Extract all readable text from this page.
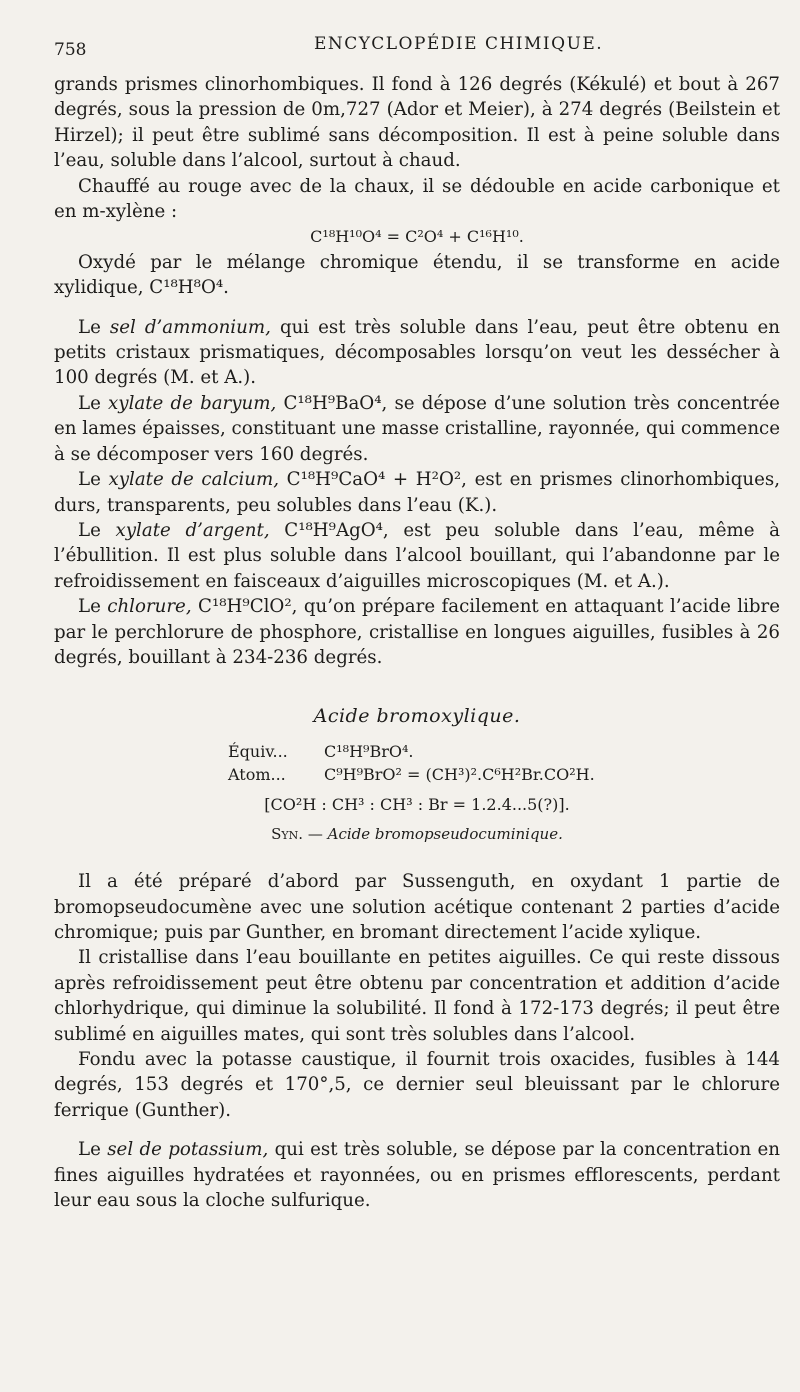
758	ENCYCLOPÉDIE CHIMIQUE.

grands prismes clinorhombiques. Il fond à 126 degrés (Kékulé) et bout à 267 degrés, sous la pression de 0m,727 (Ador et Meier), à 274 degrés (Beilstein et Hirzel); il peut être sublimé sans décomposition. Il est à peine soluble dans l’eau, soluble dans l’alcool, surtout à chaud.

Chauffé au rouge avec de la chaux, il se dédouble en acide carbonique et en m-xylène :

C¹⁸H¹⁰O⁴ = C²O⁴ + C¹⁶H¹⁰.

Oxydé par le mélange chromique étendu, il se transforme en acide xylidique, C¹⁸H⁸O⁴.

Le sel d’ammonium, qui est très soluble dans l’eau, peut être obtenu en petits cristaux prismatiques, décomposables lorsqu’on veut les dessécher à 100 degrés (M. et A.).

Le xylate de baryum, C¹⁸H⁹BaO⁴, se dépose d’une solution très concentrée en lames épaisses, constituant une masse cristalline, rayonnée, qui commence à se décomposer vers 160 degrés.

Le xylate de calcium, C¹⁸H⁹CaO⁴ + H²O², est en prismes clinorhombiques, durs, transparents, peu solubles dans l’eau (K.).

Le xylate d’argent, C¹⁸H⁹AgO⁴, est peu soluble dans l’eau, même à l’ébullition. Il est plus soluble dans l’alcool bouillant, qui l’abandonne par le refroidissement en faisceaux d’aiguilles microscopiques (M. et A.).

Le chlorure, C¹⁸H⁹ClO², qu’on prépare facilement en attaquant l’acide libre par le perchlorure de phosphore, cristallise en longues aiguilles, fusibles à 26 degrés, bouillant à 234-236 degrés.

Acide bromoxylique.
Équiv... C¹⁸H⁹BrO⁴.
Atom... C⁹H⁹BrO² = (CH³)².C⁶H²Br.CO²H.
[CO²H : CH³ : CH³ : Br = 1.2.4...5(?)].
Syn. — Acide bromopseudocuminique.

Il a été préparé d’abord par Sussenguth, en oxydant 1 partie de bromopseudocumène avec une solution acétique contenant 2 parties d’acide chromique; puis par Gunther, en bromant directement l’acide xylique.

Il cristallise dans l’eau bouillante en petites aiguilles. Ce qui reste dissous après refroidissement peut être obtenu par concentration et addition d’acide chlorhydrique, qui diminue la solubilité. Il fond à 172-173 degrés; il peut être sublimé en aiguilles mates, qui sont très solubles dans l’alcool.

Fondu avec la potasse caustique, il fournit trois oxacides, fusibles à 144 degrés, 153 degrés et 170°,5, ce dernier seul bleuissant par le chlorure ferrique (Gunther).

Le sel de potassium, qui est très soluble, se dépose par la concentration en fines aiguilles hydratées et rayonnées, ou en prismes efflorescents, perdant leur eau sous la cloche sulfurique.
